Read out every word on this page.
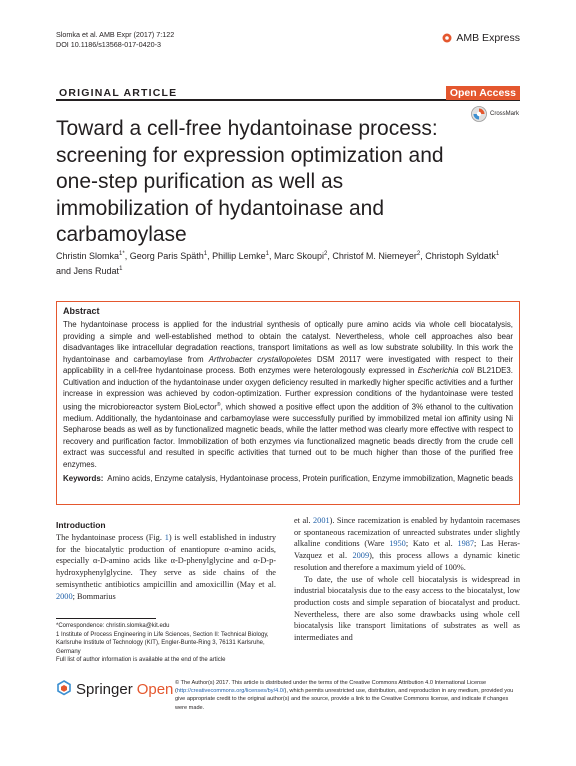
Slomka et al. AMB Expr (2017) 7:122
DOI 10.1186/s13568-017-0420-3
AMB Express
ORIGINAL ARTICLE	Open Access
CrossMark
Toward a cell-free hydantoinase process: screening for expression optimization and one-step purification as well as immobilization of hydantoinase and carbamoylase
Christin Slomka$^{1*}$, Georg Paris Späth$^1$, Phillip Lemke$^1$, Marc Skoupi$^2$, Christof M. Niemeyer$^2$, Christoph Syldatk$^1$
and Jens Rudat$^1$
Abstract

The hydantoinase process is applied for the industrial synthesis of optically pure amino acids via whole cell biocatalysis, providing a simple and well-established method to obtain the catalyst. Nevertheless, whole cell approaches also bear disadvantages like intracellular degradation reactions, transport limitations as well as low substrate solubility. In this work the hydantoinase and carbamoylase from Arthrobacter crystallopoietes DSM 20117 were investigated with respect to their applicability in a cell-free hydantoinase process. Both enzymes were heterologously expressed in Escherichia coli BL21DE3. Cultivation and induction of the hydantoinase under oxygen deficiency resulted in markedly higher specific activities and a further increase in expression was achieved by codon-optimization. Further expression conditions of the hydantoinase were tested using the microbioreactor system BioLector®, which showed a positive effect upon the addition of 3% ethanol to the cultivation medium. Additionally, the hydantoinase and carbamoylase were successfully purified by immobilized metal ion affinity using Ni Sepharose beads as well as by functionalized magnetic beads, while the latter method was clearly more effective with respect to recovery and purification factor. Immobilization of both enzymes via functionalized magnetic beads directly from the crude cell extract was successful and resulted in specific activities that turned out to be much higher than those of the purified free enzymes.

Keywords: Amino acids, Enzyme catalysis, Hydantoinase process, Protein purification, Enzyme immobilization, Magnetic beads

Introduction

The hydantoinase process (Fig. 1) is well established in industry for the biocatalytic production of enantiopure α-amino acids, especially α-D-amino acids like α-D-phenylglycine and α-D-p-hydroxyphenylglycine. They serve as side chains of the semisynthetic antibiotics ampicillin and amoxicillin (May et al. 2000; Bommarius

et al. 2001). Since racemization is enabled by hydantoin racemases or spontaneous racemization of unreacted substrates under slightly alkaline conditions (Ware 1950; Kato et al. 1987; Las Heras-Vazquez et al. 2009), this process allows a dynamic kinetic resolution and therefore a maximum yield of 100%.

To date, the use of whole cell biocatalysis is widespread in industrial biocatalysis due to the easy access to the biocatalyst, low production costs and simple separation of biocatalyst and product. Nevertheless, there are also some drawbacks using whole cell biocatalysis like transport limitations of substrates as well as intermediates and

*Correspondence: christin.slomka@kit.edu
1 Institute of Process Engineering in Life Sciences, Section II: Technical Biology, Karlsruhe Institute of Technology (KIT), Engler-Bunte-Ring 3, 76131 Karlsruhe, Germany
Full list of author information is available at the end of the article
Springer Open © The Author(s) 2017. This article is distributed under the terms of the Creative Commons Attribution 4.0 International License (http://creativecommons.org/licenses/by/4.0/), which permits unrestricted use, distribution, and reproduction in any medium, provided you give appropriate credit to the original author(s) and the source, provide a link to the Creative Commons license, and indicate if changes were made.
